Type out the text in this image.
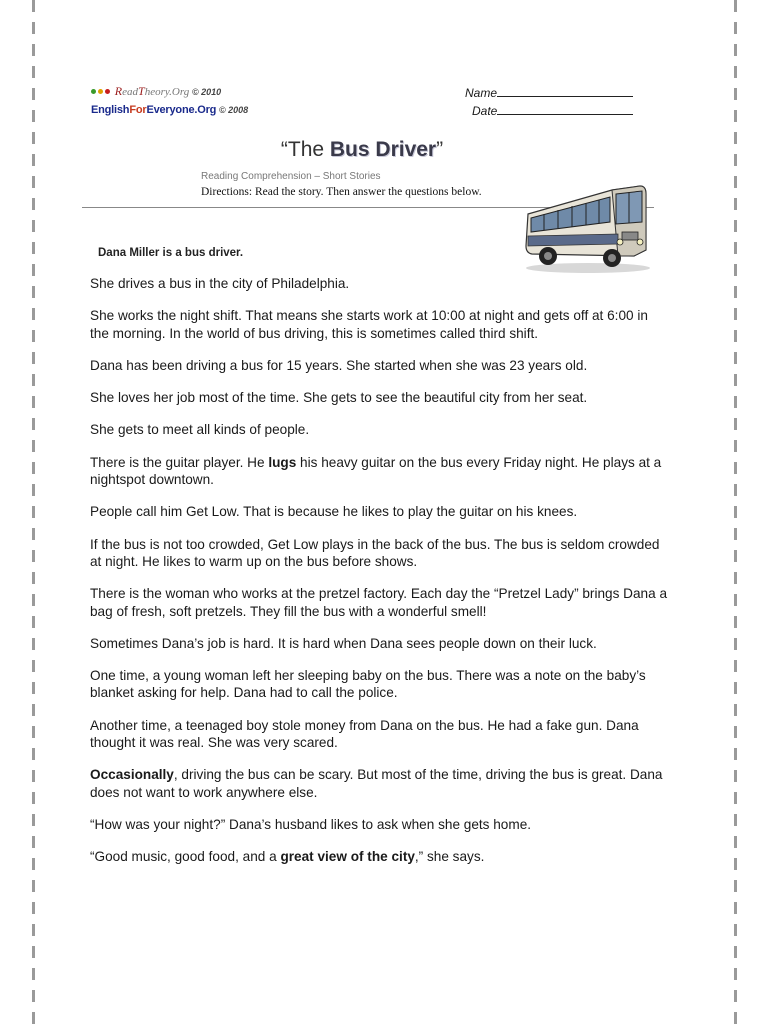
ReadTheory.Org © 2010
EnglishForEveryone.Org © 2008
Name
Date
“The Bus Driver”
Reading Comprehension – Short Stories
Directions: Read the story. Then answer the questions below.
Dana Miller is a bus driver.

She drives a bus in the city of Philadelphia.

She works the night shift. That means she starts work at 10:00 at night and gets off at 6:00 in the morning. In the world of bus driving, this is sometimes called third shift.

Dana has been driving a bus for 15 years. She started when she was 23 years old.

She loves her job most of the time. She gets to see the beautiful city from her seat.

She gets to meet all kinds of people.

There is the guitar player. He lugs his heavy guitar on the bus every Friday night. He plays at a nightspot downtown.

People call him Get Low. That is because he likes to play the guitar on his knees.

If the bus is not too crowded, Get Low plays in the back of the bus. The bus is seldom crowded at night. He likes to warm up on the bus before shows.

There is the woman who works at the pretzel factory. Each day the “Pretzel Lady” brings Dana a bag of fresh, soft pretzels. They fill the bus with a wonderful smell!

Sometimes Dana’s job is hard. It is hard when Dana sees people down on their luck.

One time, a young woman left her sleeping baby on the bus. There was a note on the baby’s blanket asking for help. Dana had to call the police.

Another time, a teenaged boy stole money from Dana on the bus. He had a fake gun. Dana thought it was real. She was very scared.

Occasionally, driving the bus can be scary. But most of the time, driving the bus is great. Dana does not want to work anywhere else.

“How was your night?” Dana’s husband likes to ask when she gets home.

“Good music, good food, and a great view of the city,” she says.
